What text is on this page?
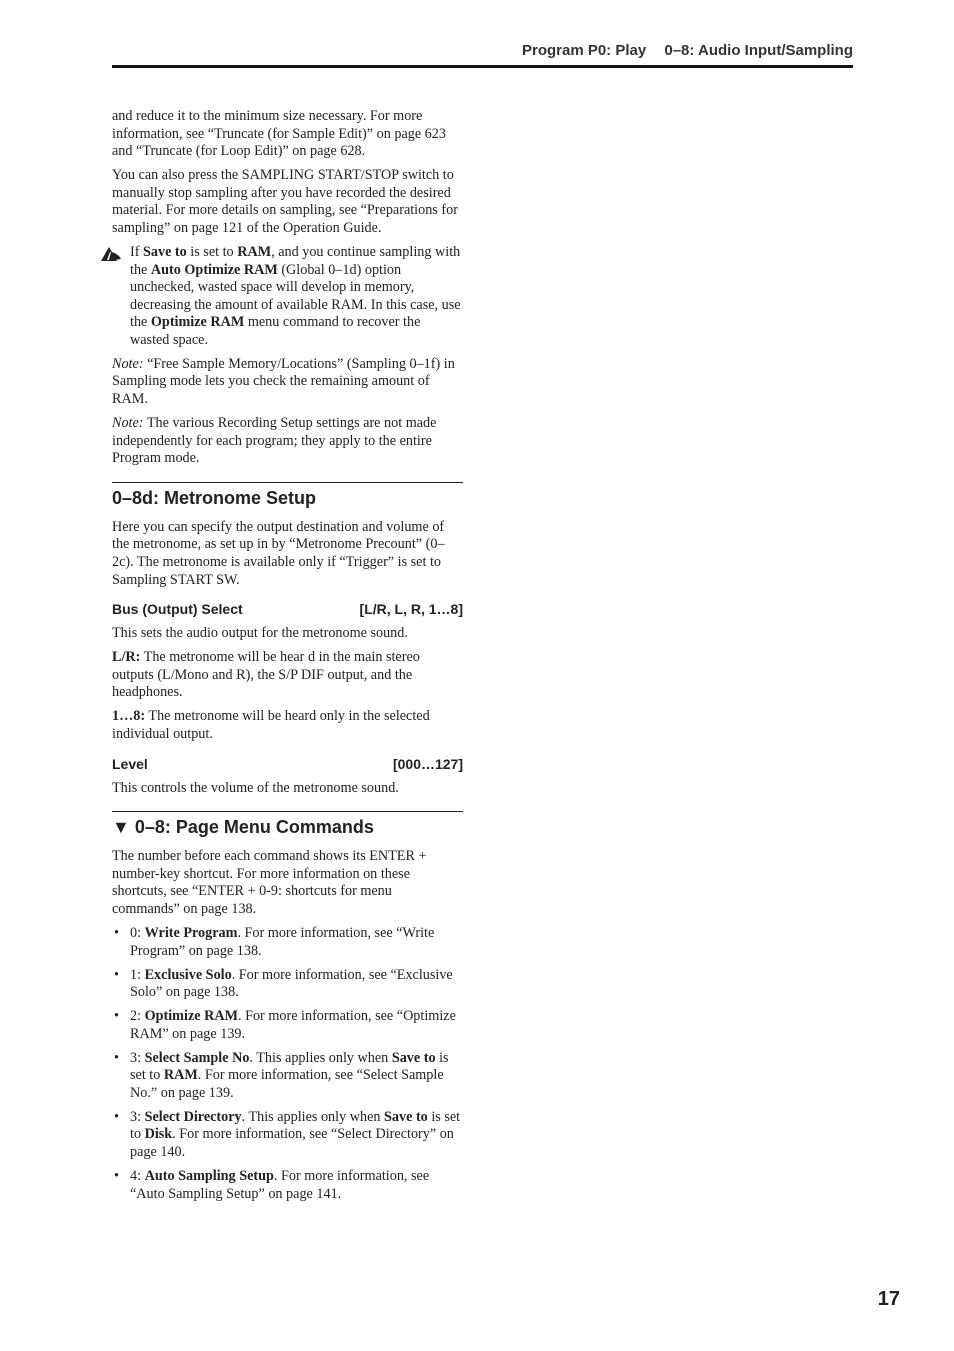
Program P0: Play 0–8: Audio Input/Sampling

and reduce it to the minimum size necessary. For more information, see “Truncate (for Sample Edit)” on page 623 and “Truncate (for Loop Edit)” on page 628.

You can also press the SAMPLING START/STOP switch to manually stop sampling after you have recorded the desired material. For more details on sampling, see “Preparations for sampling” on page 121 of the Operation Guide.

If Save to is set to RAM, and you continue sampling with the Auto Optimize RAM (Global 0–1d) option unchecked, wasted space will develop in memory, decreasing the amount of available RAM. In this case, use the Optimize RAM menu command to recover the wasted space.

Note: “Free Sample Memory/Locations” (Sampling 0–1f) in Sampling mode lets you check the remaining amount of RAM.

Note: The various Recording Setup settings are not made independently for each program; they apply to the entire Program mode.

0–8d: Metronome Setup

Here you can specify the output destination and volume of the metronome, as set up in by “Metronome Precount” (0–2c). The metronome is available only if “Trigger” is set to Sampling START SW.

Bus (Output) Select	[L/R, L, R, 1…8]

This sets the audio output for the metronome sound.

L/R: The metronome will be hear d in the main stereo outputs (L/Mono and R), the S/P DIF output, and the headphones.

1…8: The metronome will be heard only in the selected individual output.

Level	[000…127]

This controls the volume of the metronome sound.

▼ 0–8: Page Menu Commands

The number before each command shows its ENTER + number-key shortcut. For more information on these shortcuts, see “ENTER + 0-9: shortcuts for menu commands” on page 138.

• 0: Write Program. For more information, see “Write Program” on page 138.
• 1: Exclusive Solo. For more information, see “Exclusive Solo” on page 138.
• 2: Optimize RAM. For more information, see “Optimize RAM” on page 139.
• 3: Select Sample No. This applies only when Save to is set to RAM. For more information, see “Select Sample No.” on page 139.
• 3: Select Directory. This applies only when Save to is set to Disk. For more information, see “Select Directory” on page 140.
• 4: Auto Sampling Setup. For more information, see “Auto Sampling Setup” on page 141.
17
